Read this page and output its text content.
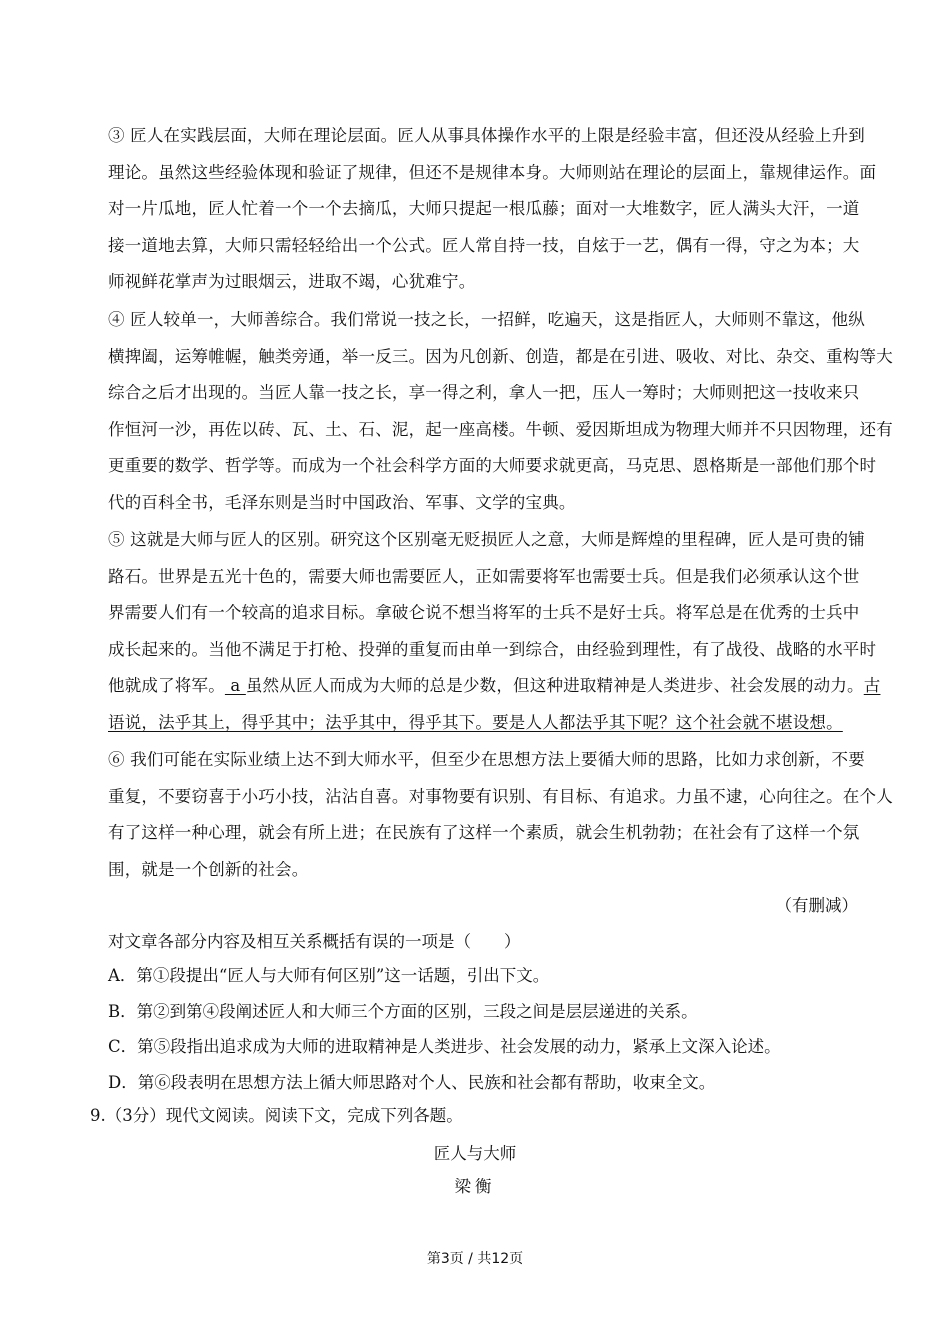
③ 匠人在实践层面，大师在理论层面。匠人从事具体操作水平的上限是经验丰富，但还没从经验上升到
理论。虽然这些经验体现和验证了规律，但还不是规律本身。大师则站在理论的层面上，靠规律运作。面
对一片瓜地，匠人忙着一个一个去摘瓜，大师只提起一根瓜藤；面对一大堆数字，匠人满头大汗，一道
接一道地去算，大师只需轻轻给出一个公式。匠人常自持一技，自炫于一艺，偶有一得，守之为本；大
师视鲜花掌声为过眼烟云，进取不竭，心犹难宁。
④ 匠人较单一，大师善综合。我们常说一技之长，一招鲜，吃遍天，这是指匠人，大师则不靠这，他纵
横捭阖，运筹帷幄，触类旁通，举一反三。因为凡创新、创造，都是在引进、吸收、对比、杂交、重构等大
综合之后才出现的。当匠人靠一技之长，享一得之利，拿人一把，压人一筹时；大师则把这一技收来只
作恒河一沙，再佐以砖、瓦、土、石、泥，起一座高楼。牛顿、爱因斯坦成为物理大师并不只因物理，还有
更重要的数学、哲学等。而成为一个社会科学方面的大师要求就更高，马克思、恩格斯是一部他们那个时
代的百科全书，毛泽东则是当时中国政治、军事、文学的宝典。
⑤ 这就是大师与匠人的区别。研究这个区别毫无贬损匠人之意，大师是辉煌的里程碑，匠人是可贵的铺
路石。世界是五光十色的，需要大师也需要匠人，正如需要将军也需要士兵。但是我们必须承认这个世
界需要人们有一个较高的追求目标。拿破仑说不想当将军的士兵不是好士兵。将军总是在优秀的士兵中
成长起来的。当他不满足于打枪、投弹的重复而由单一到综合，由经验到理性，有了战役、战略的水平时
他就成了将军。 a 虽然从匠人而成为大师的总是少数，但这种进取精神是人类进步、社会发展的动力。古
语说，法乎其上，得乎其中；法乎其中，得乎其下。要是人人都法乎其下呢？这个社会就不堪设想。
⑥ 我们可能在实际业绩上达不到大师水平，但至少在思想方法上要循大师的思路，比如力求创新，不要
重复，不要窃喜于小巧小技，沾沾自喜。对事物要有识别、有目标、有追求。力虽不逮，心向往之。在个人
有了这样一种心理，就会有所上进；在民族有了这样一个素质，就会生机勃勃；在社会有了这样一个氛
围，就是一个创新的社会。
（有删减）
对文章各部分内容及相互关系概括有误的一项是（　　）
A．第①段提出“匠人与大师有何区别”这一话题，引出下文。
B．第②到第④段阐述匠人和大师三个方面的区别，三段之间是层层递进的关系。
C．第⑤段指出追求成为大师的进取精神是人类进步、社会发展的动力，紧承上文深入论述。
D．第⑥段表明在思想方法上循大师思路对个人、民族和社会都有帮助，收束全文。
9.（3分）现代文阅读。阅读下文，完成下列各题。
匠人与大师
梁衡
第3页 / 共12页
